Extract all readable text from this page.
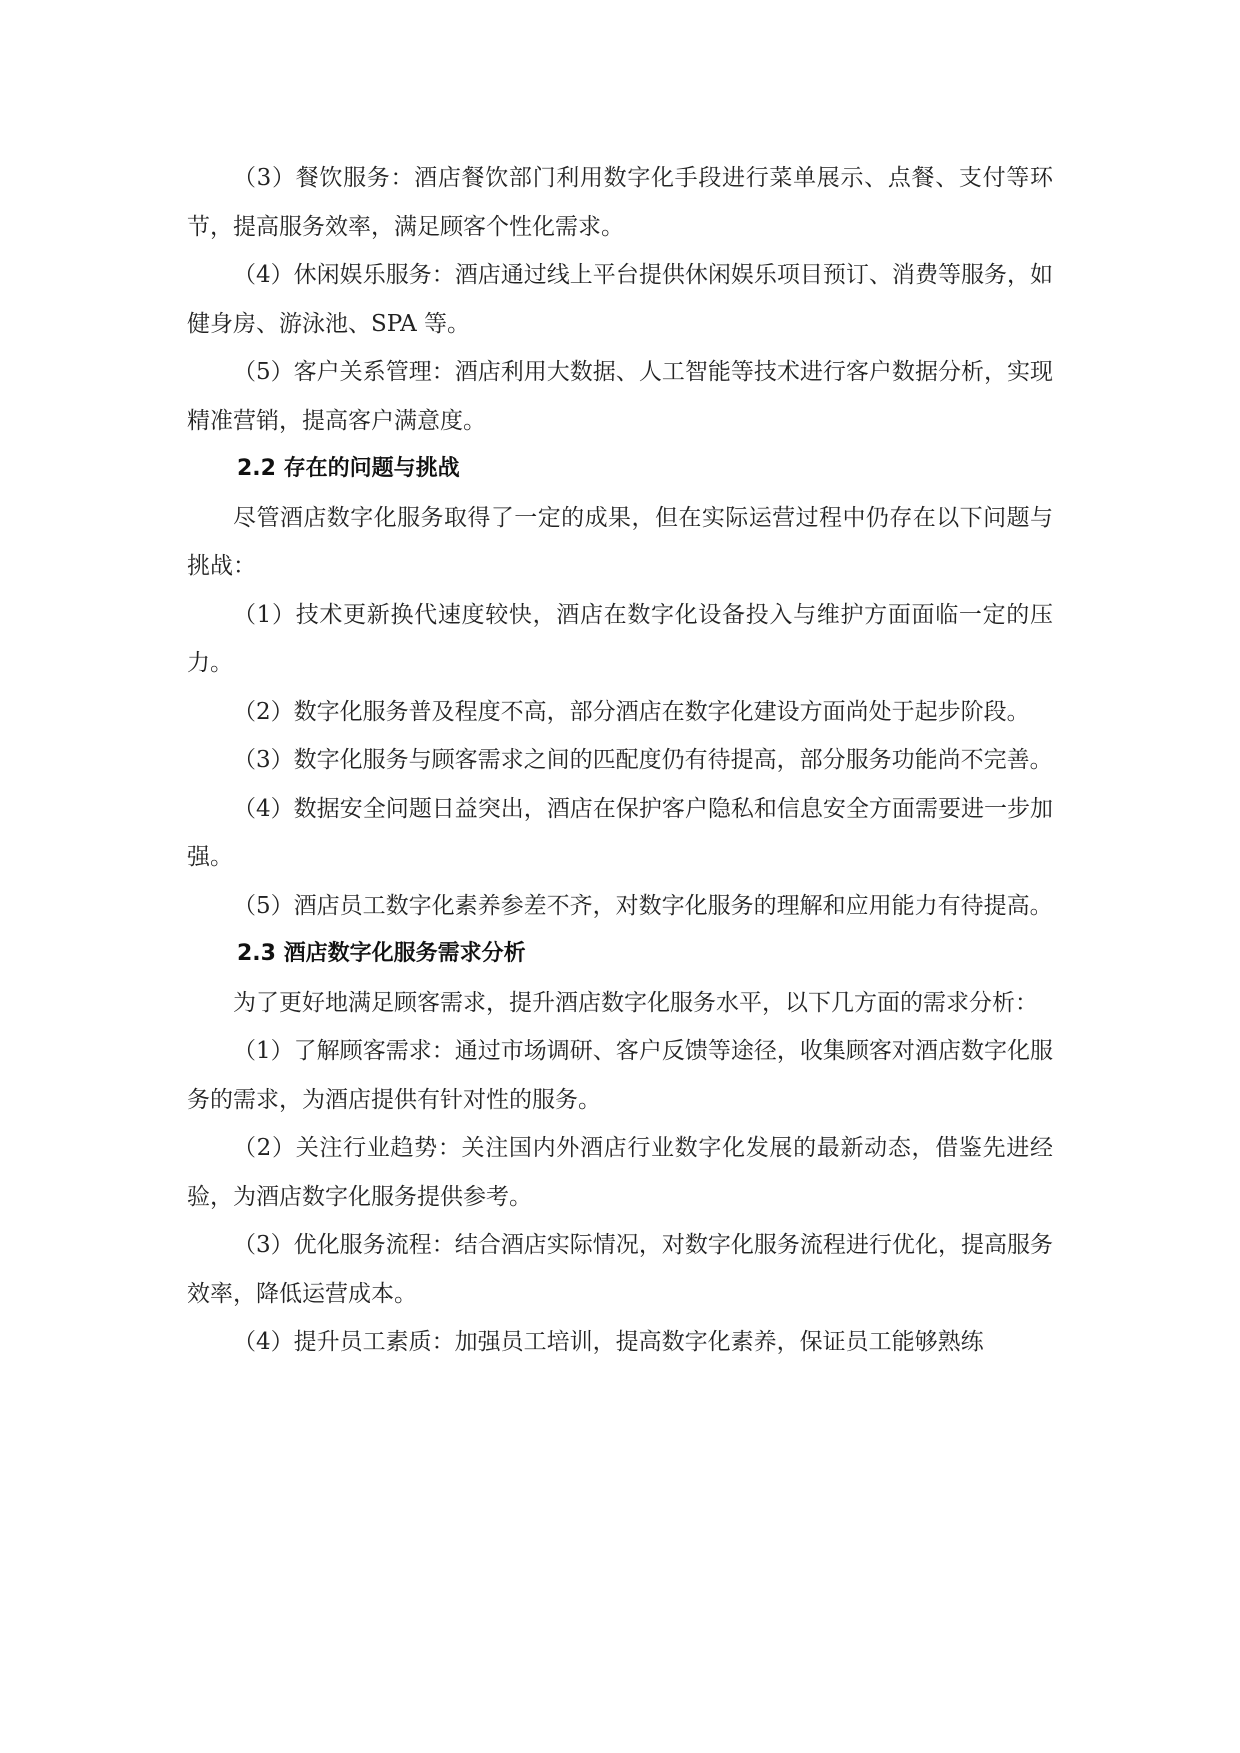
（3）餐饮服务：酒店餐饮部门利用数字化手段进行菜单展示、点餐、支付等环节，提高服务效率，满足顾客个性化需求。

（4）休闲娱乐服务：酒店通过线上平台提供休闲娱乐项目预订、消费等服务，如健身房、游泳池、SPA 等。

（5）客户关系管理：酒店利用大数据、人工智能等技术进行客户数据分析，实现精准营销，提高客户满意度。

2.2 存在的问题与挑战

尽管酒店数字化服务取得了一定的成果，但在实际运营过程中仍存在以下问题与挑战：

（1）技术更新换代速度较快，酒店在数字化设备投入与维护方面面临一定的压力。

（2）数字化服务普及程度不高，部分酒店在数字化建设方面尚处于起步阶段。

（3）数字化服务与顾客需求之间的匹配度仍有待提高，部分服务功能尚不完善。

（4）数据安全问题日益突出，酒店在保护客户隐私和信息安全方面需要进一步加强。

（5）酒店员工数字化素养参差不齐，对数字化服务的理解和应用能力有待提高。

2.3 酒店数字化服务需求分析

为了更好地满足顾客需求，提升酒店数字化服务水平，以下几方面的需求分析：

（1）了解顾客需求：通过市场调研、客户反馈等途径，收集顾客对酒店数字化服务的需求，为酒店提供有针对性的服务。

（2）关注行业趋势：关注国内外酒店行业数字化发展的最新动态，借鉴先进经验，为酒店数字化服务提供参考。

（3）优化服务流程：结合酒店实际情况，对数字化服务流程进行优化，提高服务效率，降低运营成本。

（4）提升员工素质：加强员工培训，提高数字化素养，保证员工能够熟练
